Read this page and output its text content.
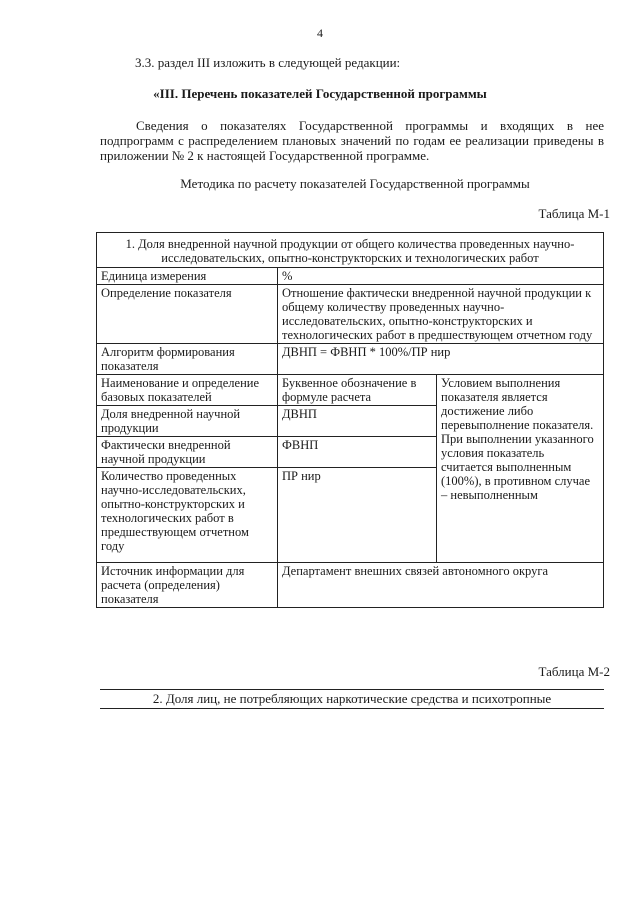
4
3.3. раздел III изложить в следующей редакции:
«III. Перечень показателей Государственной программы
Сведения о показателях Государственной программы и входящих в нее подпрограмм с распределением плановых значений по годам ее реализации приведены в приложении № 2 к настоящей Государственной программе.
Методика по расчету показателей Государственной программы
Таблица М-1
1. Доля внедренной научной продукции от общего количества проведенных научно-исследовательских, опытно-конструкторских и технологических работ		
Единица измерения	%	
Определение показателя	Отношение фактически внедренной научной продукции к общему количеству проведенных научно-исследовательских, опытно-конструкторских и технологических работ в предшествующем отчетном году	
Алгоритм формирования показателя	ДВНП = ФВНП * 100%/ПР нир	
Наименование и определение базовых показателей	Буквенное обозначение в формуле расчета	Условием выполнения показателя является достижение либо перевыполнение показателя. При выполнении указанного условия показатель считается выполненным (100%), в противном случае – невыполненным
Доля внедренной научной продукции	ДВНП	
Фактически внедренной научной продукции	ФВНП	
Количество проведенных научно-исследовательских, опытно-конструкторских и технологических работ в предшествующем отчетном году	ПР нир	
Источник информации для расчета (определения) показателя	Департамент внешних связей автономного округа	
Таблица М-2
2. Доля лиц, не потребляющих наркотические средства и психотропные
